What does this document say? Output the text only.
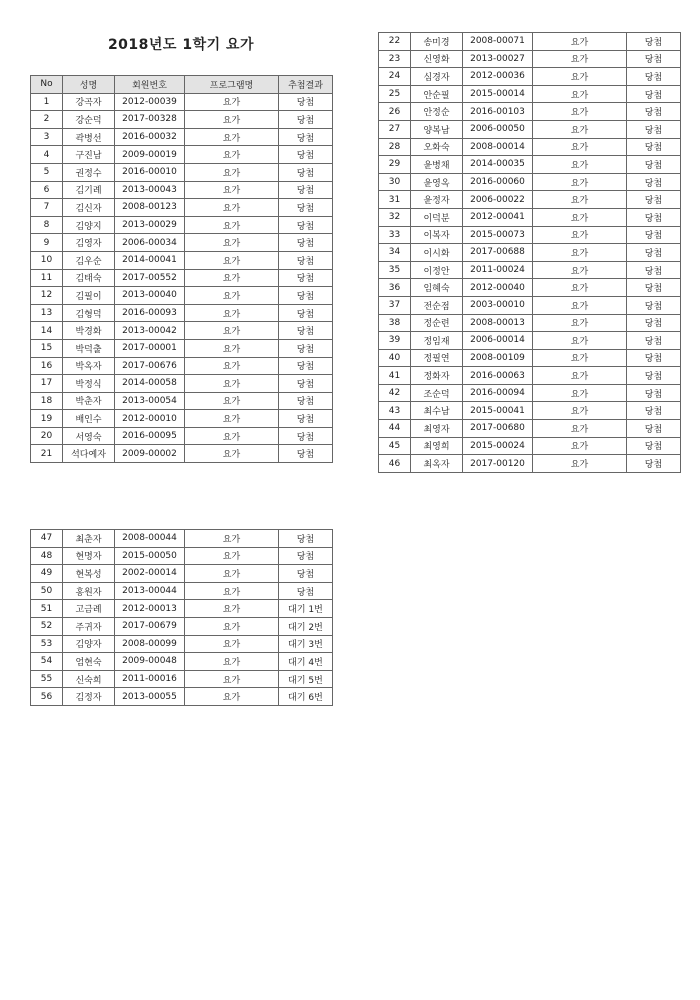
2018년도 1학기 요가
No	성명	회원번호	프로그램명	추첨결과
1	강곡자	2012-00039	요가	당첨
2	강순덕	2017-00328	요가	당첨
3	곽병선	2016-00032	요가	당첨
4	구진남	2009-00019	요가	당첨
5	권정수	2016-00010	요가	당첨
6	김기례	2013-00043	요가	당첨
7	김신자	2008-00123	요가	당첨
8	김양지	2013-00029	요가	당첨
9	김영자	2006-00034	요가	당첨
10	김우순	2014-00041	요가	당첨
11	김태숙	2017-00552	요가	당첨
12	김필이	2013-00040	요가	당첨
13	김형덕	2016-00093	요가	당첨
14	박경화	2013-00042	요가	당첨
15	박덕출	2017-00001	요가	당첨
16	박옥자	2017-00676	요가	당첨
17	박정식	2014-00058	요가	당첨
18	박춘자	2013-00054	요가	당첨
19	배인수	2012-00010	요가	당첨
20	서영숙	2016-00095	요가	당첨
21	석다예자	2009-00002	요가	당첨
22	송미경	2008-00071	요가	당첨
23	신영화	2013-00027	요가	당첨
24	심경자	2012-00036	요가	당첨
25	안순필	2015-00014	요가	당첨
26	안정순	2016-00103	요가	당첨
27	양복남	2006-00050	요가	당첨
28	오화숙	2008-00014	요가	당첨
29	윤병채	2014-00035	요가	당첨
30	윤영옥	2016-00060	요가	당첨
31	윤정자	2006-00022	요가	당첨
32	이덕분	2012-00041	요가	당첨
33	이복자	2015-00073	요가	당첨
34	이시화	2017-00688	요가	당첨
35	이정안	2011-00024	요가	당첨
36	임혜숙	2012-00040	요가	당첨
37	전순점	2003-00010	요가	당첨
38	정순련	2008-00013	요가	당첨
39	정임재	2006-00014	요가	당첨
40	정필연	2008-00109	요가	당첨
41	정화자	2016-00063	요가	당첨
42	조순덕	2016-00094	요가	당첨
43	최수남	2015-00041	요가	당첨
44	최영자	2017-00680	요가	당첨
45	최영희	2015-00024	요가	당첨
46	최옥자	2017-00120	요가	당첨
47	최춘자	2008-00044	요가	당첨
48	현명자	2015-00050	요가	당첨
49	현복성	2002-00014	요가	당첨
50	홍원자	2013-00044	요가	당첨
51	고금례	2012-00013	요가	대기 1번
52	주귀자	2017-00679	요가	대기 2번
53	김양자	2008-00099	요가	대기 3번
54	엄현숙	2009-00048	요가	대기 4번
55	신숙희	2011-00016	요가	대기 5번
56	김정자	2013-00055	요가	대기 6번
